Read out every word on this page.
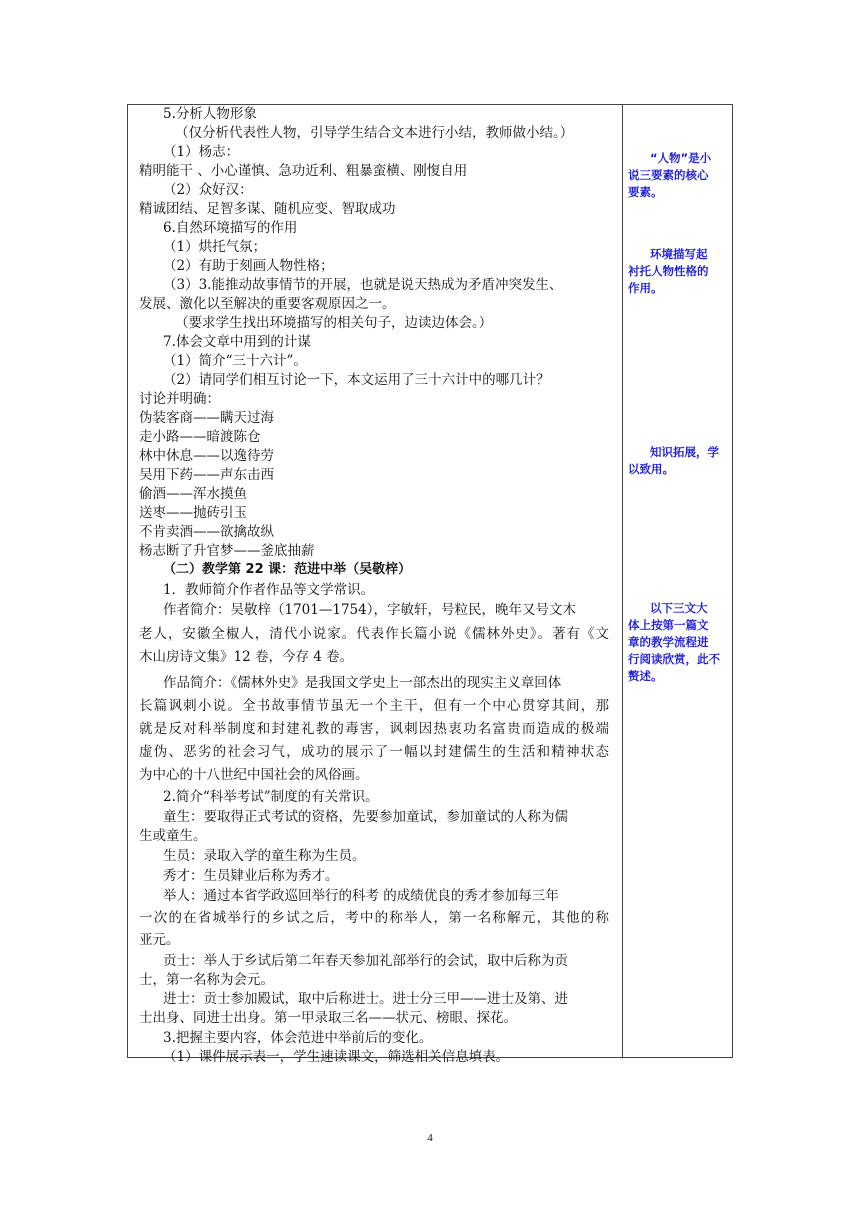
5.分析人物形象
（仅分析代表性人物，引导学生结合文本进行小结，教师做小结。）
（1）杨志：
精明能干 、小心谨慎、急功近利、粗暴蛮横、刚愎自用
（2）众好汉：
精诚团结、足智多谋、随机应变、智取成功
6.自然环境描写的作用
（1）烘托气氛；
（2）有助于刻画人物性格；
（3）3.能推动故事情节的开展，也就是说天热成为矛盾冲突发生、
发展、激化以至解决的重要客观原因之一。
（要求学生找出环境描写的相关句子，边读边体会。）
7.体会文章中用到的计谋
（1）简介“三十六计”。
（2）请同学们相互讨论一下，本文运用了三十六计中的哪几计？
讨论并明确：
伪装客商——瞒天过海
走小路——暗渡陈仓
林中休息——以逸待劳
吴用下药——声东击西
偷酒——浑水摸鱼
送枣——抛砖引玉
不肯卖酒——欲擒故纵
杨志断了升官梦——釜底抽薪
（二）教学第 22 课：范进中举（吴敬梓）
1．教师简介作者作品等文学常识。
作者简介：吴敬梓（1701—1754），字敏轩，号粒民，晚年又号文木
老人，安徽全椒人，清代小说家。代表作长篇小说《儒林外史》。著有《文
木山房诗文集》12 卷，今存 4 卷。
作品简介：《儒林外史》是我国文学史上一部杰出的现实主义章回体
长篇讽刺小说。全书故事情节虽无一个主干，但有一个中心贯穿其间，那
就是反对科举制度和封建礼教的毒害，讽刺因热衷功名富贵而造成的极端
虚伪、恶劣的社会习气，成功的展示了一幅以封建儒生的生活和精神状态
为中心的十八世纪中国社会的风俗画。
2.简介“科举考试”制度的有关常识。
童生：要取得正式考试的资格，先要参加童试，参加童试的人称为儒
生或童生。
生员：录取入学的童生称为生员。
秀才：生员肄业后称为秀才。
举人：通过本省学政巡回举行的科考 的成绩优良的秀才参加每三年
一次的在省城举行的乡试之后，考中的称举人，第一名称解元，其他的称
亚元。
贡士：举人于乡试后第二年春天参加礼部举行的会试，取中后称为贡
士，第一名称为会元。
进士：贡士参加殿试，取中后称进士。进士分三甲——进士及第、进
士出身、同进士出身。第一甲录取三名——状元、榜眼、探花。
3.把握主要内容，体会范进中举前后的变化。
（1）课件展示表一，学生速读课文，筛选相关信息填表。
“人物”是小
说三要素的核心
要素。
环境描写起
衬托人物性格的
作用。
知识拓展，学
以致用。
以下三文大
体上按第一篇文
章的教学流程进
行阅读欣赏，此不
赘述。
4
